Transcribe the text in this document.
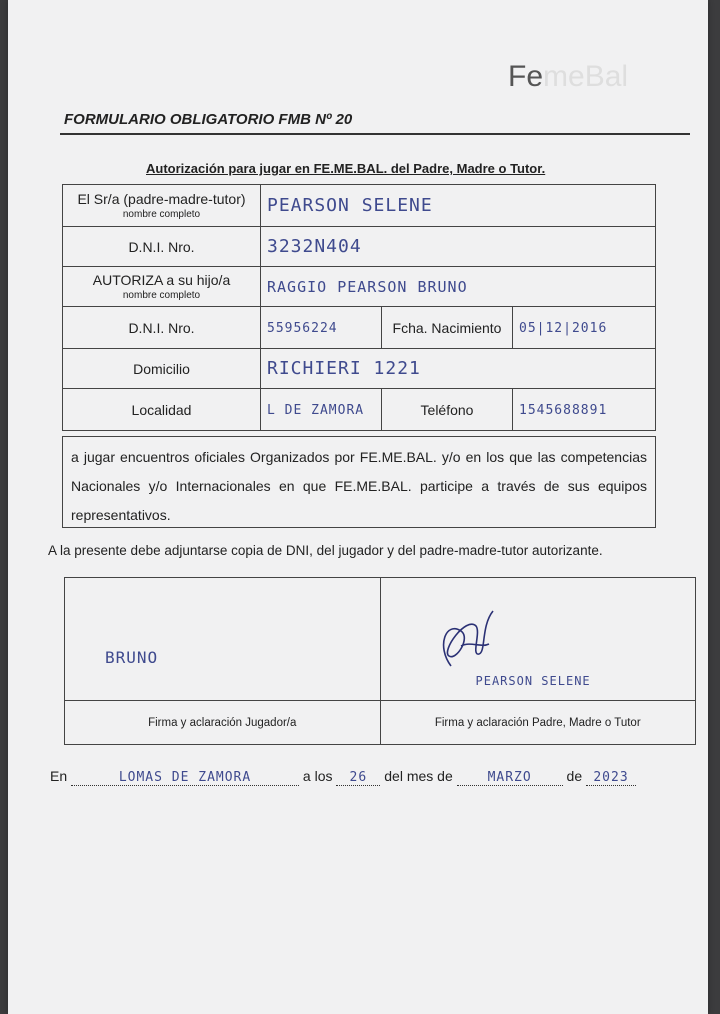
FemeBal
FORMULARIO OBLIGATORIO FMB Nº 20
Autorización para jugar en FE.ME.BAL. del Padre, Madre o Tutor.
El Sr/a (padre-madre-tutor)
nombre completo	PEARSON SELENE		
D.N.I. Nro.	3232N404		
AUTORIZA a su hijo/a
nombre completo	RAGGIO PEARSON BRUNO		
D.N.I. Nro.	55956224	Fcha. Nacimiento	05|12|2016
Domicilio	RICHIERI 1221		
Localidad	L DE ZAMORA	Teléfono	1545688891
a jugar encuentros oficiales Organizados por FE.ME.BAL. y/o en los que las competencias Nacionales y/o Internacionales en que FE.ME.BAL. participe a través de sus equipos representativos.
A la presente debe adjuntarse copia de DNI, del jugador y del padre-madre-tutor autorizante.
BRUNO	PEARSON SELENE

Firma y aclaración Jugador/a	Firma y aclaración Padre, Madre o Tutor
En	LOMAS DE ZAMORA	a los 26 del mes de	MARZO de 2023
